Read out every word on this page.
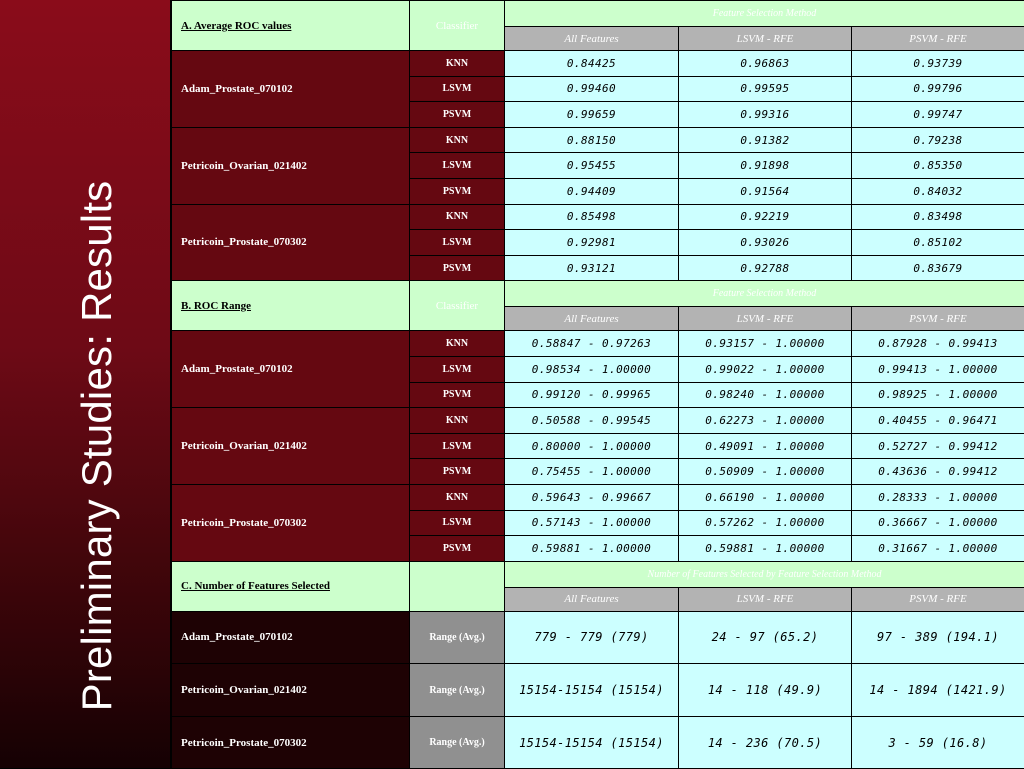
Preliminary Studies: Results
A. Average ROC values	Classifier	Feature Selection Method		
		All Features	LSVM - RFE	PSVM - RFE
Adam_Prostate_070102	KNN	0.84425	0.96863	0.93739
	LSVM	0.99460	0.99595	0.99796
	PSVM	0.99659	0.99316	0.99747
Petricoin_Ovarian_021402	KNN	0.88150	0.91382	0.79238
	LSVM	0.95455	0.91898	0.85350
	PSVM	0.94409	0.91564	0.84032
Petricoin_Prostate_070302	KNN	0.85498	0.92219	0.83498
	LSVM	0.92981	0.93026	0.85102
	PSVM	0.93121	0.92788	0.83679
B. ROC Range	Classifier	Feature Selection Method		
		All Features	LSVM - RFE	PSVM - RFE
Adam_Prostate_070102	KNN	0.58847 - 0.97263	0.93157 - 1.00000	0.87928 - 0.99413
	LSVM	0.98534 - 1.00000	0.99022 - 1.00000	0.99413 - 1.00000
	PSVM	0.99120 - 0.99965	0.98240 - 1.00000	0.98925 - 1.00000
Petricoin_Ovarian_021402	KNN	0.50588 - 0.99545	0.62273 - 1.00000	0.40455 - 0.96471
	LSVM	0.80000 - 1.00000	0.49091 - 1.00000	0.52727 - 0.99412
	PSVM	0.75455 - 1.00000	0.50909 - 1.00000	0.43636 - 0.99412
Petricoin_Prostate_070302	KNN	0.59643 - 0.99667	0.66190 - 1.00000	0.28333 - 1.00000
	LSVM	0.57143 - 1.00000	0.57262 - 1.00000	0.36667 - 1.00000
	PSVM	0.59881 - 1.00000	0.59881 - 1.00000	0.31667 - 1.00000
C. Number of Features Selected		Number of Features Selected by Feature Selection Method		
		All Features	LSVM - RFE	PSVM - RFE
Adam_Prostate_070102	Range (Avg.)	779 - 779 (779)	24 - 97 (65.2)	97 - 389 (194.1)
Petricoin_Ovarian_021402	Range (Avg.)	15154-15154 (15154)	14 - 118 (49.9)	14 - 1894 (1421.9)
Petricoin_Prostate_070302	Range (Avg.)	15154-15154 (15154)	14 - 236 (70.5)	3 - 59 (16.8)
